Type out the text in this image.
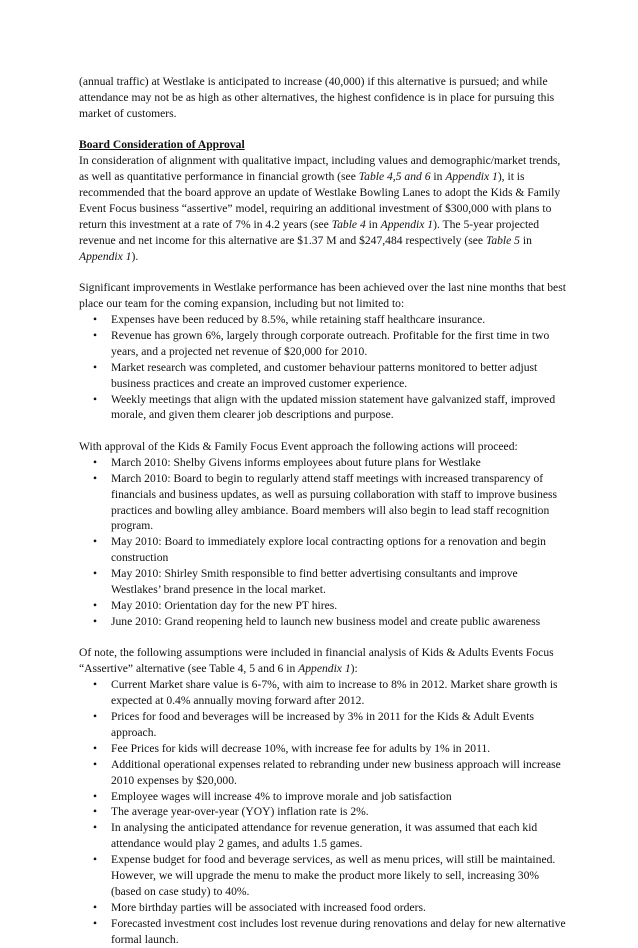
(annual traffic) at Westlake is anticipated to increase (40,000) if this alternative is pursued; and while attendance may not be as high as other alternatives, the highest confidence is in place for pursuing this market of customers.

Board Consideration of Approval

In consideration of alignment with qualitative impact, including values and demographic/market trends, as well as quantitative performance in financial growth (see Table 4,5 and 6 in Appendix 1), it is recommended that the board approve an update of Westlake Bowling Lanes to adopt the Kids & Family Event Focus business “assertive” model, requiring an additional investment of $300,000 with plans to return this investment at a rate of 7% in 4.2 years (see Table 4 in Appendix 1). The 5-year projected revenue and net income for this alternative are $1.37 M and $247,484 respectively (see Table 5 in Appendix 1).

Significant improvements in Westlake performance has been achieved over the last nine months that best place our team for the coming expansion, including but not limited to:

• Expenses have been reduced by 8.5%, while retaining staff healthcare insurance.
• Revenue has grown 6%, largely through corporate outreach. Profitable for the first time in two years, and a projected net revenue of $20,000 for 2010.
• Market research was completed, and customer behaviour patterns monitored to better adjust business practices and create an improved customer experience.
• Weekly meetings that align with the updated mission statement have galvanized staff, improved morale, and given them clearer job descriptions and purpose.

With approval of the Kids & Family Focus Event approach the following actions will proceed:

• March 2010: Shelby Givens informs employees about future plans for Westlake
• March 2010: Board to begin to regularly attend staff meetings with increased transparency of financials and business updates, as well as pursuing collaboration with staff to improve business practices and bowling alley ambiance. Board members will also begin to lead staff recognition program.
• May 2010: Board to immediately explore local contracting options for a renovation and begin construction
• May 2010: Shirley Smith responsible to find better advertising consultants and improve Westlakes’ brand presence in the local market.
• May 2010: Orientation day for the new PT hires.
• June 2010: Grand reopening held to launch new business model and create public awareness

Of note, the following assumptions were included in financial analysis of Kids & Adults Events Focus “Assertive” alternative (see Table 4, 5 and 6 in Appendix 1):

• Current Market share value is 6-7%, with aim to increase to 8% in 2012. Market share growth is expected at 0.4% annually moving forward after 2012.
• Prices for food and beverages will be increased by 3% in 2011 for the Kids & Adult Events approach.
• Fee Prices for kids will decrease 10%, with increase fee for adults by 1% in 2011.
• Additional operational expenses related to rebranding under new business approach will increase 2010 expenses by $20,000.
• Employee wages will increase 4% to improve morale and job satisfaction
• The average year-over-year (YOY) inflation rate is 2%.
• In analysing the anticipated attendance for revenue generation, it was assumed that each kid attendance would play 2 games, and adults 1.5 games.
• Expense budget for food and beverage services, as well as menu prices, will still be maintained. However, we will upgrade the menu to make the product more likely to sell, increasing 30% (based on case study) to 40%.
• More birthday parties will be associated with increased food orders.
• Forecasted investment cost includes lost revenue during renovations and delay for new alternative formal launch.
